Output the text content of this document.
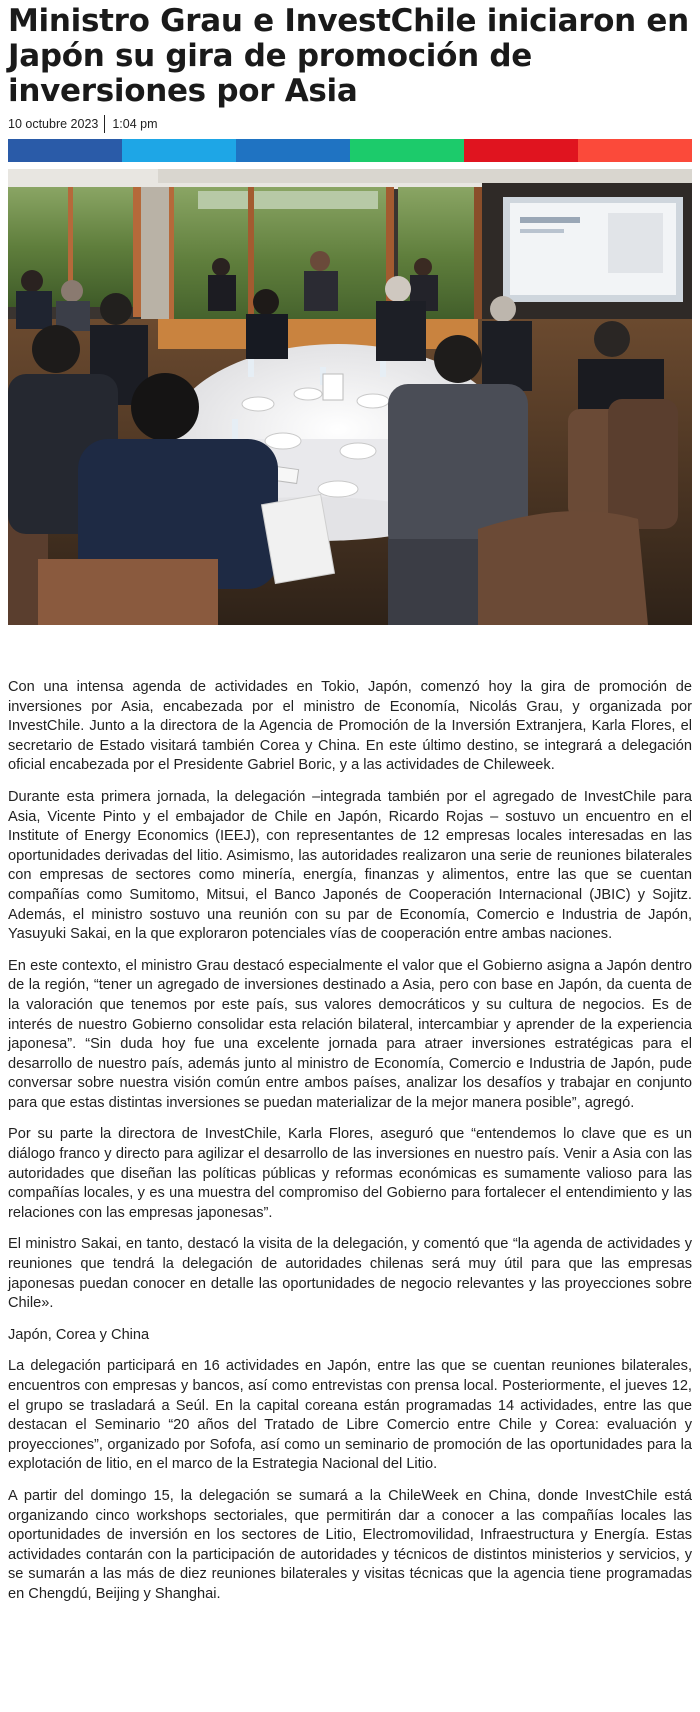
Ministro Grau e InvestChile iniciaron en Japón su gira de promoción de inversiones por Asia
10 octubre 2023 1:04 pm

Con una intensa agenda de actividades en Tokio, Japón, comenzó hoy la gira de promoción de inversiones por Asia, encabezada por el ministro de Economía, Nicolás Grau, y organizada por InvestChile. Junto a la directora de la Agencia de Promoción de la Inversión Extranjera, Karla Flores, el secretario de Estado visitará también Corea y China. En este último destino, se integrará a delegación oficial encabezada por el Presidente Gabriel Boric, y a las actividades de Chileweek.

Durante esta primera jornada, la delegación –integrada también por el agregado de InvestChile para Asia, Vicente Pinto y el embajador de Chile en Japón, Ricardo Rojas – sostuvo un encuentro en el Institute of Energy Economics (IEEJ), con representantes de 12 empresas locales interesadas en las oportunidades derivadas del litio. Asimismo, las autoridades realizaron una serie de reuniones bilaterales con empresas de sectores como minería, energía, finanzas y alimentos, entre las que se cuentan compañías como Sumitomo, Mitsui, el Banco Japonés de Cooperación Internacional (JBIC) y Sojitz. Además, el ministro sostuvo una reunión con su par de Economía, Comercio e Industria de Japón, Yasuyuki Sakai, en la que exploraron potenciales vías de cooperación entre ambas naciones.

En este contexto, el ministro Grau destacó especialmente el valor que el Gobierno asigna a Japón dentro de la región, “tener un agregado de inversiones destinado a Asia, pero con base en Japón, da cuenta de la valoración que tenemos por este país, sus valores democráticos y su cultura de negocios. Es de interés de nuestro Gobierno consolidar esta relación bilateral, intercambiar y aprender de la experiencia japonesa”. “Sin duda hoy fue una excelente jornada para atraer inversiones estratégicas para el desarrollo de nuestro país, además junto al ministro de Economía, Comercio e Industria de Japón, pude conversar sobre nuestra visión común entre ambos países, analizar los desafíos y trabajar en conjunto para que estas distintas inversiones se puedan materializar de la mejor manera posible”, agregó.

Por su parte la directora de InvestChile, Karla Flores, aseguró que “entendemos lo clave que es un diálogo franco y directo para agilizar el desarrollo de las inversiones en nuestro país. Venir a Asia con las autoridades que diseñan las políticas públicas y reformas económicas es sumamente valioso para las compañías locales, y es una muestra del compromiso del Gobierno para fortalecer el entendimiento y las relaciones con las empresas japonesas”.

El ministro Sakai, en tanto, destacó la visita de la delegación, y comentó que “la agenda de actividades y reuniones que tendrá la delegación de autoridades chilenas será muy útil para que las empresas japonesas puedan conocer en detalle las oportunidades de negocio relevantes y las proyecciones sobre Chile».

Japón, Corea y China

La delegación participará en 16 actividades en Japón, entre las que se cuentan reuniones bilaterales, encuentros con empresas y bancos, así como entrevistas con prensa local. Posteriormente, el jueves 12, el grupo se trasladará a Seúl. En la capital coreana están programadas 14 actividades, entre las que destacan el Seminario “20 años del Tratado de Libre Comercio entre Chile y Corea: evaluación y proyecciones”, organizado por Sofofa, así como un seminario de promoción de las oportunidades para la explotación de litio, en el marco de la Estrategia Nacional del Litio.

A partir del domingo 15, la delegación se sumará a la ChileWeek en China, donde InvestChile está organizando cinco workshops sectoriales, que permitirán dar a conocer a las compañías locales las oportunidades de inversión en los sectores de Litio, Electromovilidad, Infraestructura y Energía. Estas actividades contarán con la participación de autoridades y técnicos de distintos ministerios y servicios, y se sumarán a las más de diez reuniones bilaterales y visitas técnicas que la agencia tiene programadas en Chengdú, Beijing y Shanghai.
